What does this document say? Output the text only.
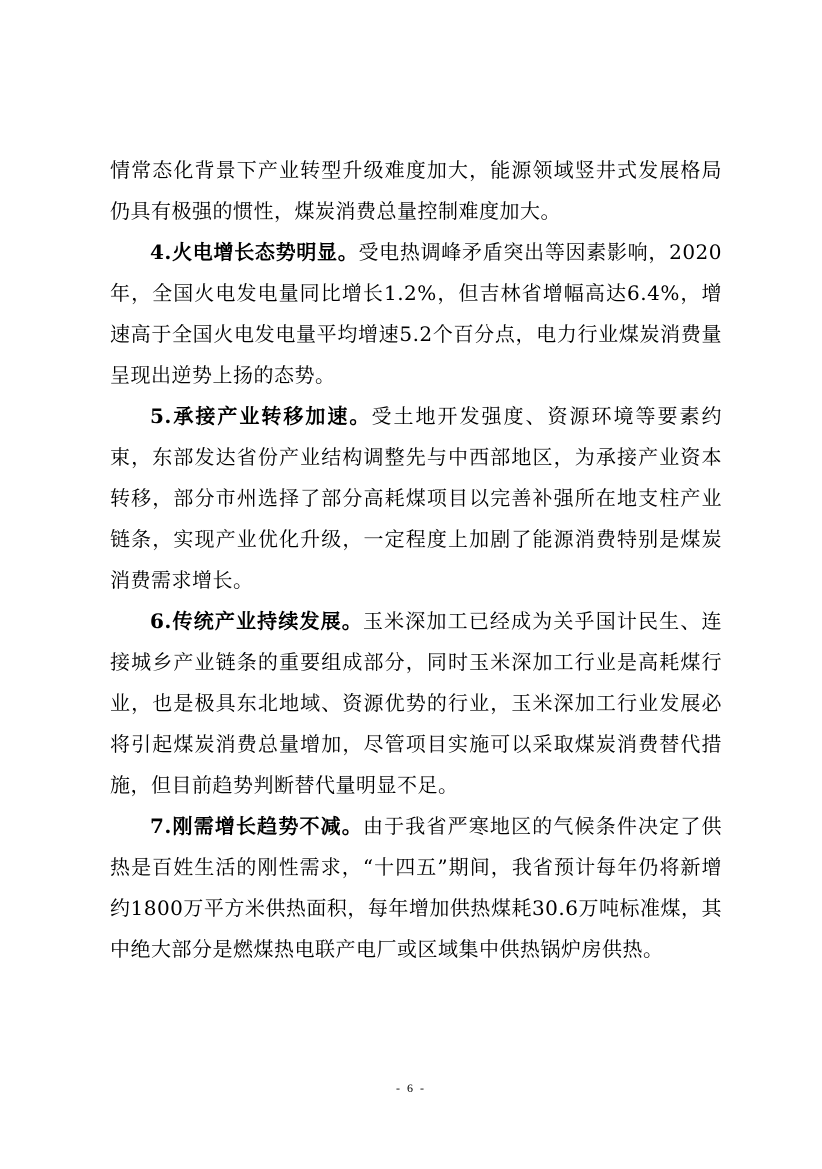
情常态化背景下产业转型升级难度加大，能源领域竖井式发展格局仍具有极强的惯性，煤炭消费总量控制难度加大。

4.火电增长态势明显。受电热调峰矛盾突出等因素影响，2020年，全国火电发电量同比增长1.2%，但吉林省增幅高达6.4%，增速高于全国火电发电量平均增速5.2个百分点，电力行业煤炭消费量呈现出逆势上扬的态势。

5.承接产业转移加速。受土地开发强度、资源环境等要素约束，东部发达省份产业结构调整先与中西部地区，为承接产业资本转移，部分市州选择了部分高耗煤项目以完善补强所在地支柱产业链条，实现产业优化升级，一定程度上加剧了能源消费特别是煤炭消费需求增长。

6.传统产业持续发展。玉米深加工已经成为关乎国计民生、连接城乡产业链条的重要组成部分，同时玉米深加工行业是高耗煤行业，也是极具东北地域、资源优势的行业，玉米深加工行业发展必将引起煤炭消费总量增加，尽管项目实施可以采取煤炭消费替代措施，但目前趋势判断替代量明显不足。

7.刚需增长趋势不减。由于我省严寒地区的气候条件决定了供热是百姓生活的刚性需求，“十四五”期间，我省预计每年仍将新增约1800万平方米供热面积，每年增加供热煤耗30.6万吨标准煤，其中绝大部分是燃煤热电联产电厂或区域集中供热锅炉房供热。

- 6 -
